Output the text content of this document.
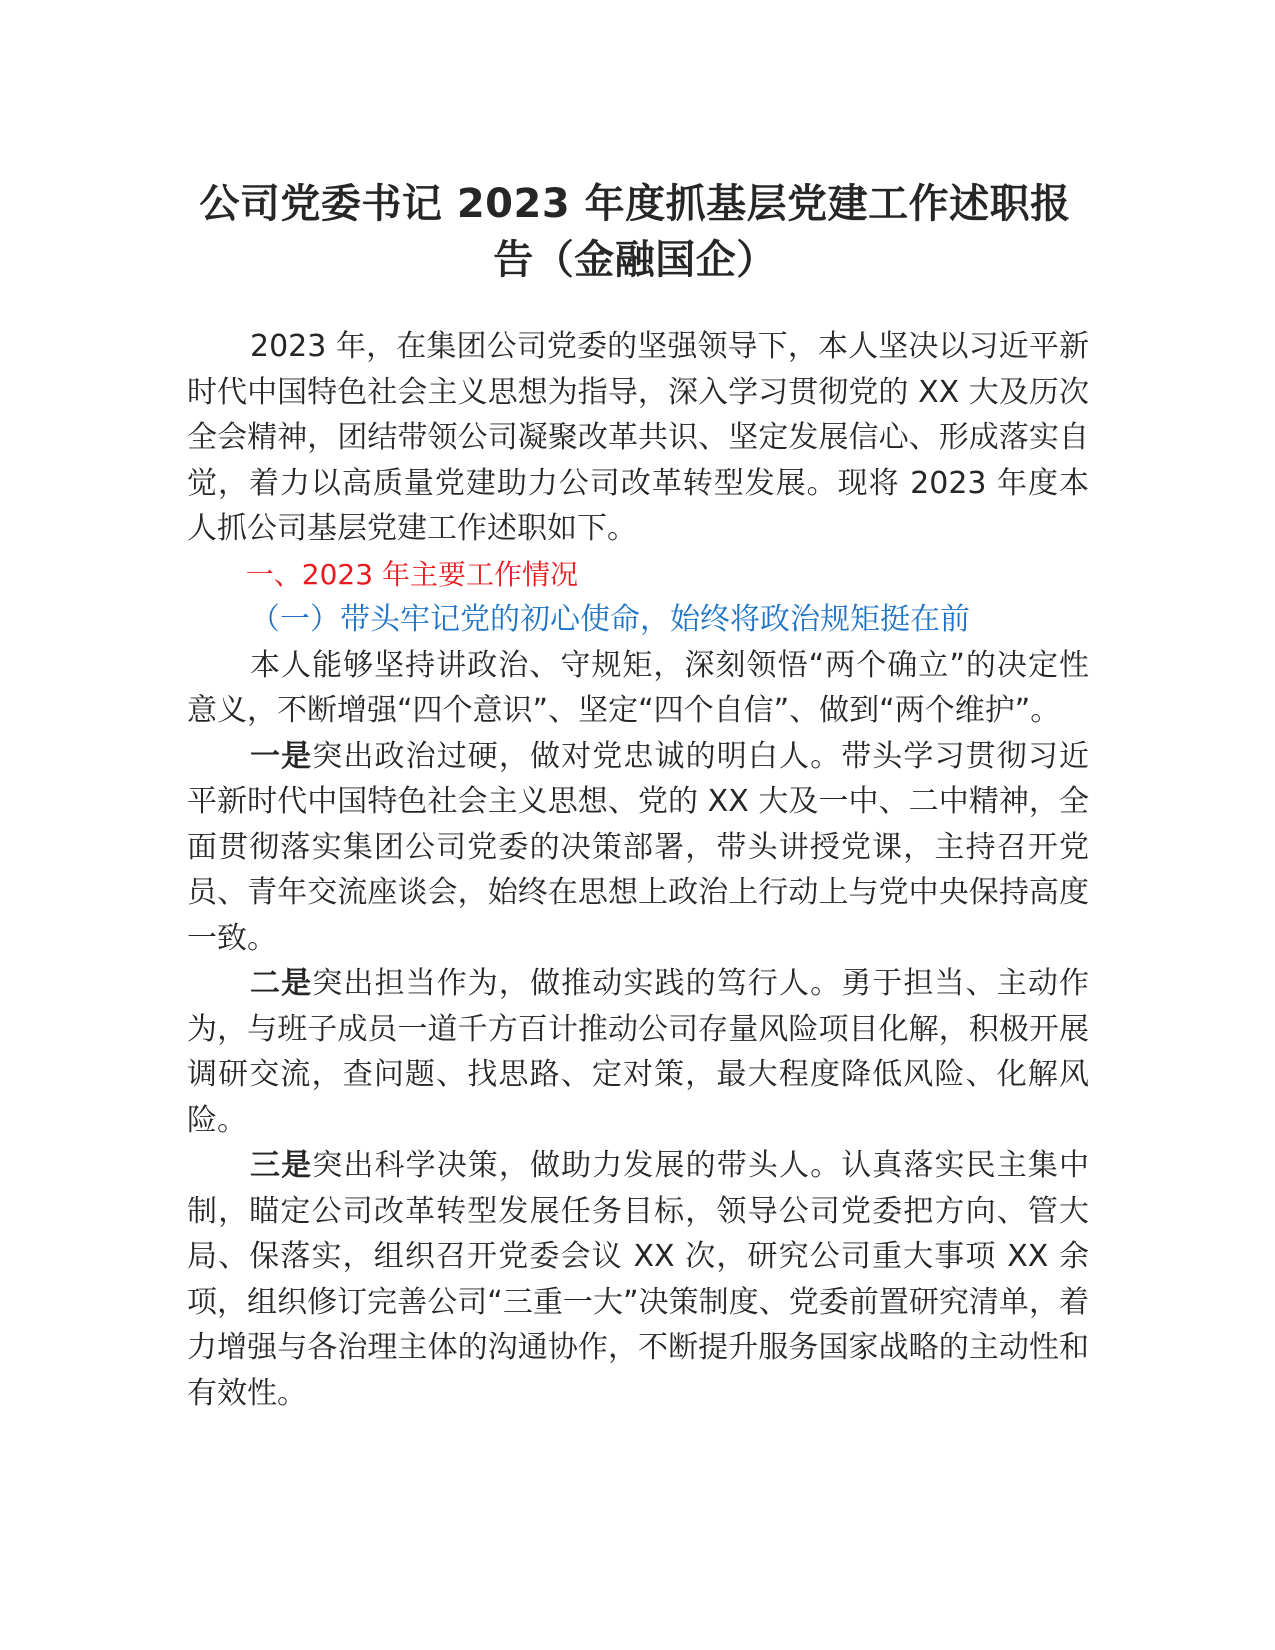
公司党委书记 2023 年度抓基层党建工作述职报告（金融国企）

2023 年，在集团公司党委的坚强领导下，本人坚决以习近平新时代中国特色社会主义思想为指导，深入学习贯彻党的 XX 大及历次全会精神，团结带领公司凝聚改革共识、坚定发展信心、形成落实自觉，着力以高质量党建助力公司改革转型发展。现将 2023 年度本人抓公司基层党建工作述职如下。

一、2023 年主要工作情况

（一）带头牢记党的初心使命，始终将政治规矩挺在前

本人能够坚持讲政治、守规矩，深刻领悟“两个确立”的决定性意义，不断增强“四个意识”、坚定“四个自信”、做到“两个维护”。

一是突出政治过硬，做对党忠诚的明白人。带头学习贯彻习近平新时代中国特色社会主义思想、党的 XX 大及一中、二中精神，全面贯彻落实集团公司党委的决策部署，带头讲授党课，主持召开党员、青年交流座谈会，始终在思想上政治上行动上与党中央保持高度一致。

二是突出担当作为，做推动实践的笃行人。勇于担当、主动作为，与班子成员一道千方百计推动公司存量风险项目化解，积极开展调研交流，查问题、找思路、定对策，最大程度降低风险、化解风险。

三是突出科学决策，做助力发展的带头人。认真落实民主集中制，瞄定公司改革转型发展任务目标，领导公司党委把方向、管大局、保落实，组织召开党委会议 XX 次，研究公司重大事项 XX 余项，组织修订完善公司“三重一大”决策制度、党委前置研究清单，着力增强与各治理主体的沟通协作，不断提升服务国家战略的主动性和有效性。
